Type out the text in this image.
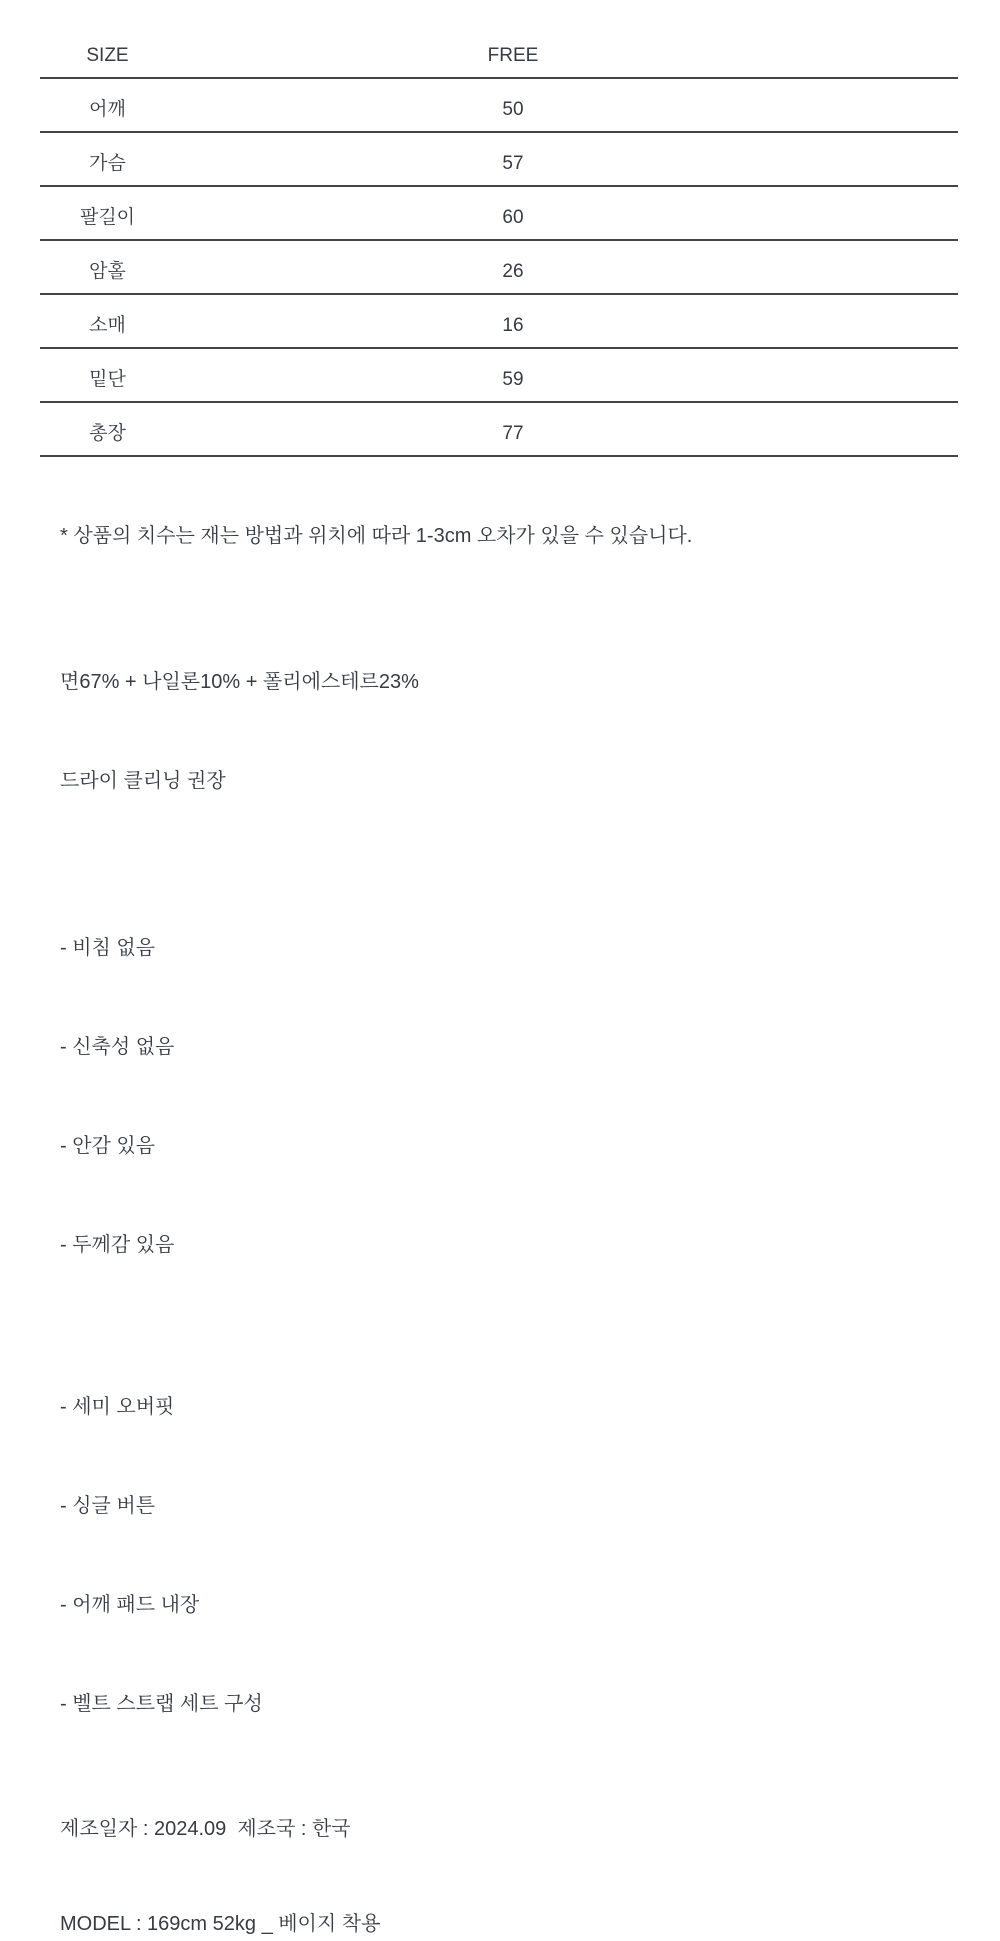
SIZE	FREE
어깨	50
가슴	57
팔길이	60
암홀	26
소매	16
밑단	59
총장	77
* 상품의 치수는 재는 방법과 위치에 따라 1-3cm 오차가 있을 수 있습니다.

면67% + 나일론10% + 폴리에스테르23%

드라이 클리닝 권장

- 비침 없음

- 신축성 없음

- 안감 있음

- 두께감 있음

- 세미 오버핏

- 싱글 버튼

- 어깨 패드 내장

- 벨트 스트랩 세트 구성

제조일자 : 2024.09  제조국 : 한국
MODEL : 169cm 52kg _ 베이지 착용
